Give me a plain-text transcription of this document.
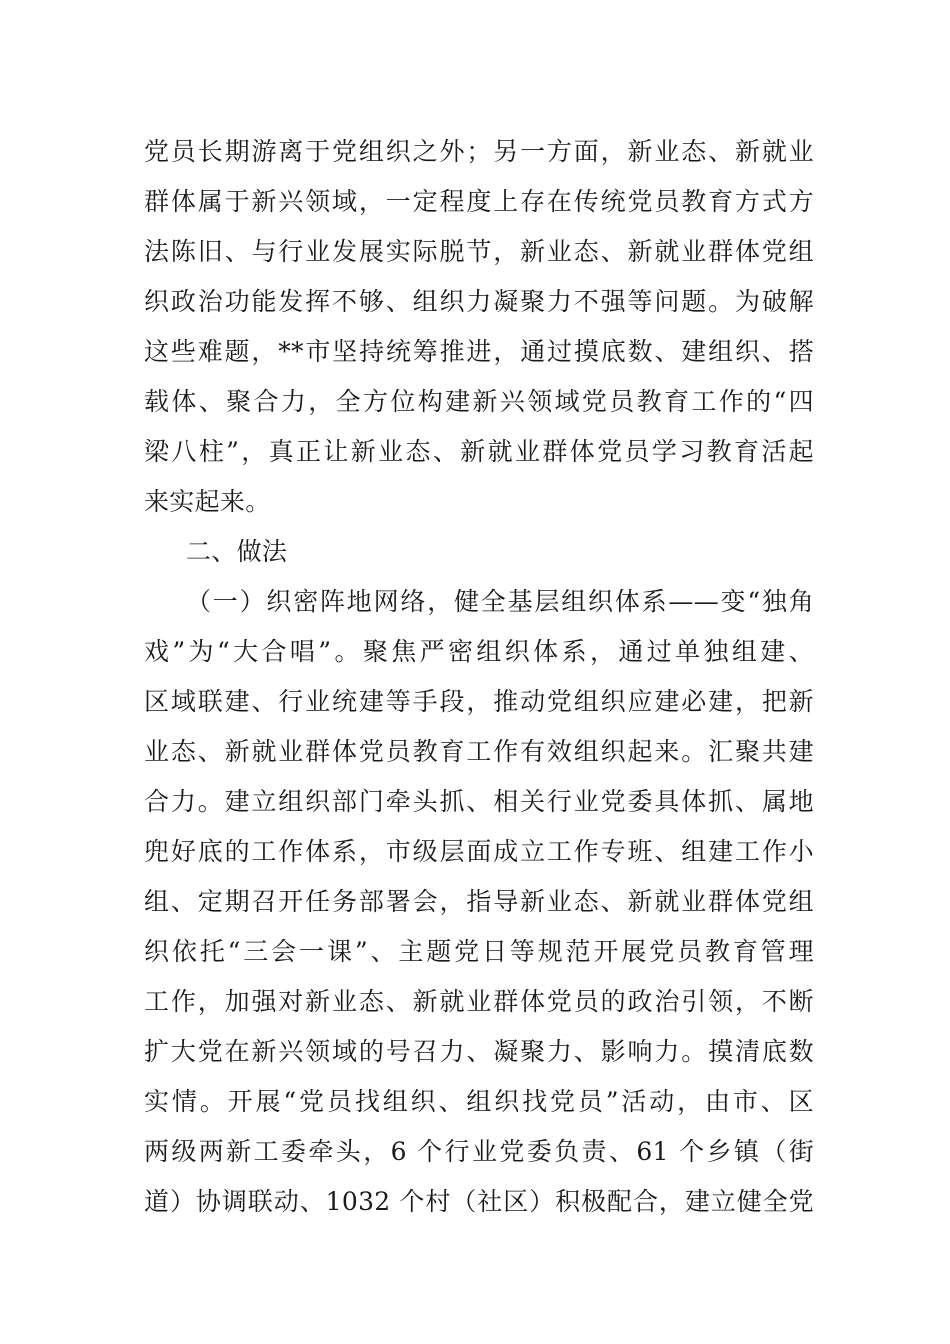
党员长期游离于党组织之外；另一方面，新业态、新就业
群体属于新兴领域，一定程度上存在传统党员教育方式方
法陈旧、与行业发展实际脱节，新业态、新就业群体党组
织政治功能发挥不够、组织力凝聚力不强等问题。为破解
这些难题，**市坚持统筹推进，通过摸底数、建组织、搭
载体、聚合力，全方位构建新兴领域党员教育工作的“四
梁八柱”，真正让新业态、新就业群体党员学习教育活起
来实起来。
二、做法
（一）织密阵地网络，健全基层组织体系——变“独角
戏”为“大合唱”。聚焦严密组织体系，通过单独组建、
区域联建、行业统建等手段，推动党组织应建必建，把新
业态、新就业群体党员教育工作有效组织起来。汇聚共建
合力。建立组织部门牵头抓、相关行业党委具体抓、属地
兜好底的工作体系，市级层面成立工作专班、组建工作小
组、定期召开任务部署会，指导新业态、新就业群体党组
织依托“三会一课”、主题党日等规范开展党员教育管理
工作，加强对新业态、新就业群体党员的政治引领，不断
扩大党在新兴领域的号召力、凝聚力、影响力。摸清底数
实情。开展“党员找组织、组织找党员”活动，由市、区
两级两新工委牵头，6 个行业党委负责、61 个乡镇（街
道）协调联动、1032 个村（社区）积极配合，建立健全党
